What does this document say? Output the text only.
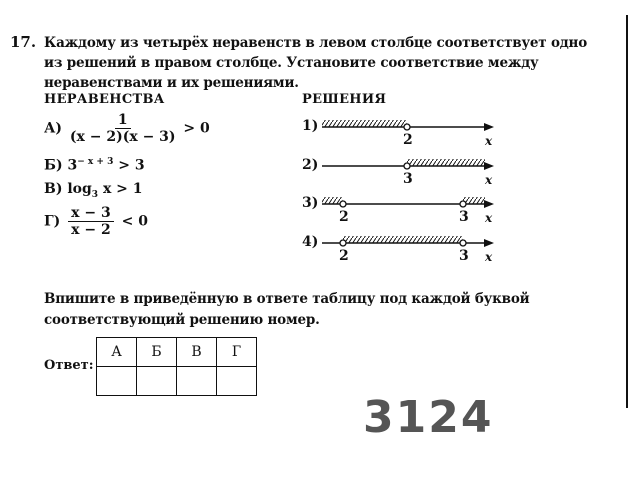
17. Каждому из четырёх неравенств в левом столбце соответствует одно из решений в правом столбце. Установите соответствие между неравенствами и их решениями.
НЕРАВЕНСТВА	РЕШЕНИЯ
$А) \frac{1}{(x - 2)(x - 3)} > 0$
Б) $3^{- x + 3} > 3$
В) $\log_3 x > 1$
$Г) \frac{x - 3}{x - 2} < 0$
1)
2	x
2)
3	x
3)
2	3 x
4)
2	3 x
Впишите в приведённую в ответе таблицу под каждой буквой соответствующий решению номер.
Ответ:
А	Б	В	Г

3124
